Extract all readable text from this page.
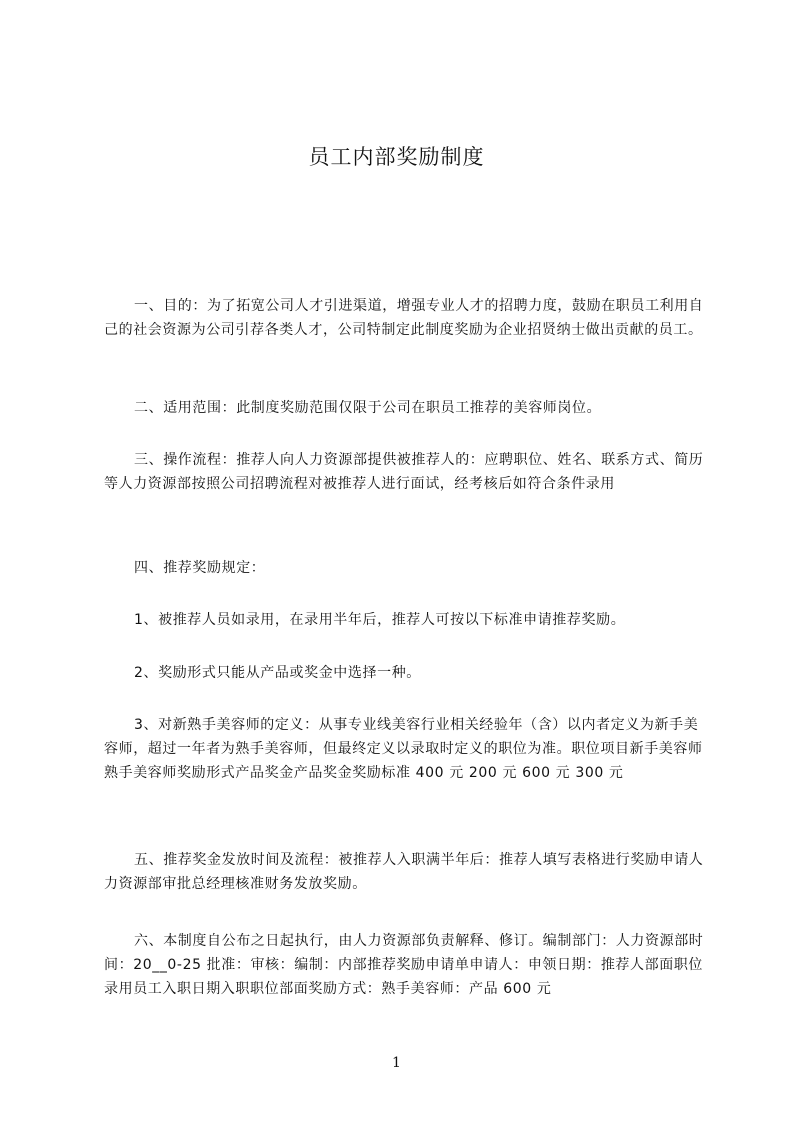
员工内部奖励制度

一、目的：为了拓宽公司人才引进渠道，增强专业人才的招聘力度，鼓励在职员工利用自己的社会资源为公司引荐各类人才，公司特制定此制度奖励为企业招贤纳士做出贡献的员工。

二、适用范围：此制度奖励范围仅限于公司在职员工推荐的美容师岗位。

三、操作流程：推荐人向人力资源部提供被推荐人的：应聘职位、姓名、联系方式、简历等人力资源部按照公司招聘流程对被推荐人进行面试，经考核后如符合条件录用

四、推荐奖励规定：

1、被推荐人员如录用，在录用半年后，推荐人可按以下标准申请推荐奖励。

2、奖励形式只能从产品或奖金中选择一种。

3、对新熟手美容师的定义：从事专业线美容行业相关经验年（含）以内者定义为新手美容师，超过一年者为熟手美容师，但最终定义以录取时定义的职位为准。职位项目新手美容师熟手美容师奖励形式产品奖金产品奖金奖励标准 400 元 200 元 600 元 300 元

五、推荐奖金发放时间及流程：被推荐人入职满半年后：推荐人填写表格进行奖励申请人力资源部审批总经理核准财务发放奖励。

六、本制度自公布之日起执行，由人力资源部负责解释、修订。编制部门：人力资源部时间：20__0-25 批准：审核：编制：内部推荐奖励申请单申请人：申领日期：推荐人部面职位录用员工入职日期入职职位部面奖励方式：熟手美容师：产品 600 元

1
